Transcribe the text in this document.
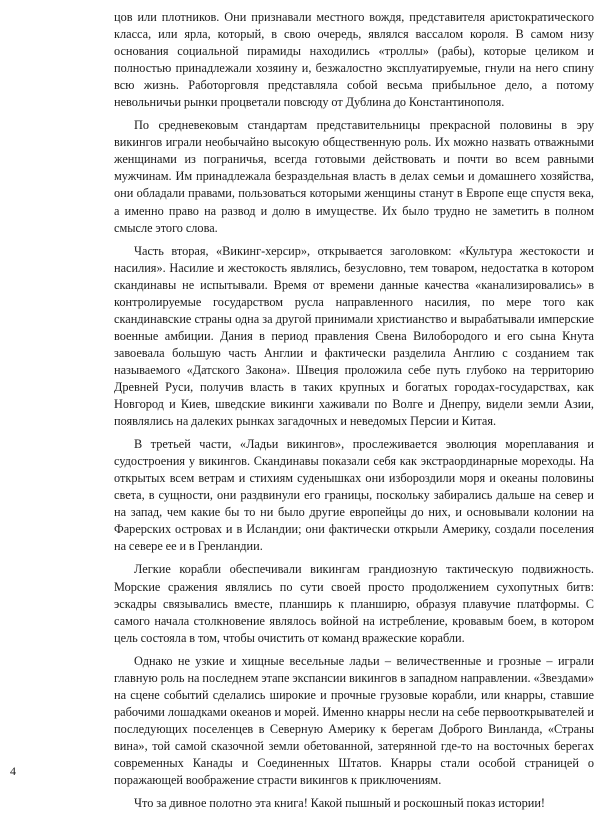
цов или плотников. Они признавали местного вождя, представителя аристократического класса, или ярла, который, в свою очередь, являлся вассалом короля. В самом низу основания социальной пирамиды находились «троллы» (рабы), которые целиком и полностью принадлежали хозяину и, безжалостно эксплуатируемые, гнули на него спину всю жизнь. Работорговля представляла собой весьма прибыльное дело, а потому невольничьи рынки процветали повсюду от Дублина до Константинополя.

По средневековым стандартам представительницы прекрасной половины в эру викингов играли необычайно высокую общественную роль. Их можно назвать отважными женщинами из пограничья, всегда готовыми действовать и почти во всем равными мужчинам. Им принадлежала безраздельная власть в делах семьи и домашнего хозяйства, они обладали правами, пользоваться которыми женщины станут в Европе еще спустя века, а именно право на развод и долю в имуществе. Их было трудно не заметить в полном смысле этого слова.

Часть вторая, «Викинг-херсир», открывается заголовком: «Культура жестокости и насилия». Насилие и жестокость являлись, безусловно, тем товаром, недостатка в котором скандинавы не испытывали. Время от времени данные качества «канализировались» в контролируемые государством русла направленного насилия, по мере того как скандинавские страны одна за другой принимали христианство и вырабатывали имперские военные амбиции. Дания в период правления Свена Вилобородого и его сына Кнута завоевала большую часть Англии и фактически разделила Англию с созданием так называемого «Датского Закона». Швеция проложила себе путь глубоко на территорию Древней Руси, получив власть в таких крупных и богатых городах-государствах, как Новгород и Киев, шведские викинги хаживали по Волге и Днепру, видели земли Азии, появлялись на далеких рынках загадочных и неведомых Персии и Китая.

В третьей части, «Ладьи викингов», прослеживается эволюция мореплавания и судостроения у викингов. Скандинавы показали себя как экстраординарные мореходы. На открытых всем ветрам и стихиям суденышках они избороздили моря и океаны половины света, в сущности, они раздвинули его границы, поскольку забирались дальше на север и на запад, чем какие бы то ни было другие европейцы до них, и основывали колонии на Фарерских островах и в Исландии; они фактически открыли Америку, создали поселения на севере ее и в Гренландии.

Легкие корабли обеспечивали викингам грандиозную тактическую подвижность. Морские сражения являлись по сути своей просто продолжением сухопутных битв: эскадры связывались вместе, планширь к планширю, образуя плавучие платформы. С самого начала столкновение являлось войной на истребление, кровавым боем, в котором цель состояла в том, чтобы очистить от команд вражеские корабли.

Однако не узкие и хищные весельные ладьи – величественные и грозные – играли главную роль на последнем этапе экспансии викингов в западном направлении. «Звездами» на сцене событий сделались широкие и прочные грузовые корабли, или кнарры, ставшие рабочими лошадками океанов и морей. Именно кнарры несли на себе первооткрывателей и последующих поселенцев в Северную Америку к берегам Доброго Винланда, «Страны вина», той самой сказочной земли обетованной, затерянной где-то на восточных берегах современных Канады и Соединенных Штатов. Кнарры стали особой страницей о поражающей воображение страсти викингов к приключениям.

Что за дивное полотно эта книга! Какой пышный и роскошный показ истории!

4
